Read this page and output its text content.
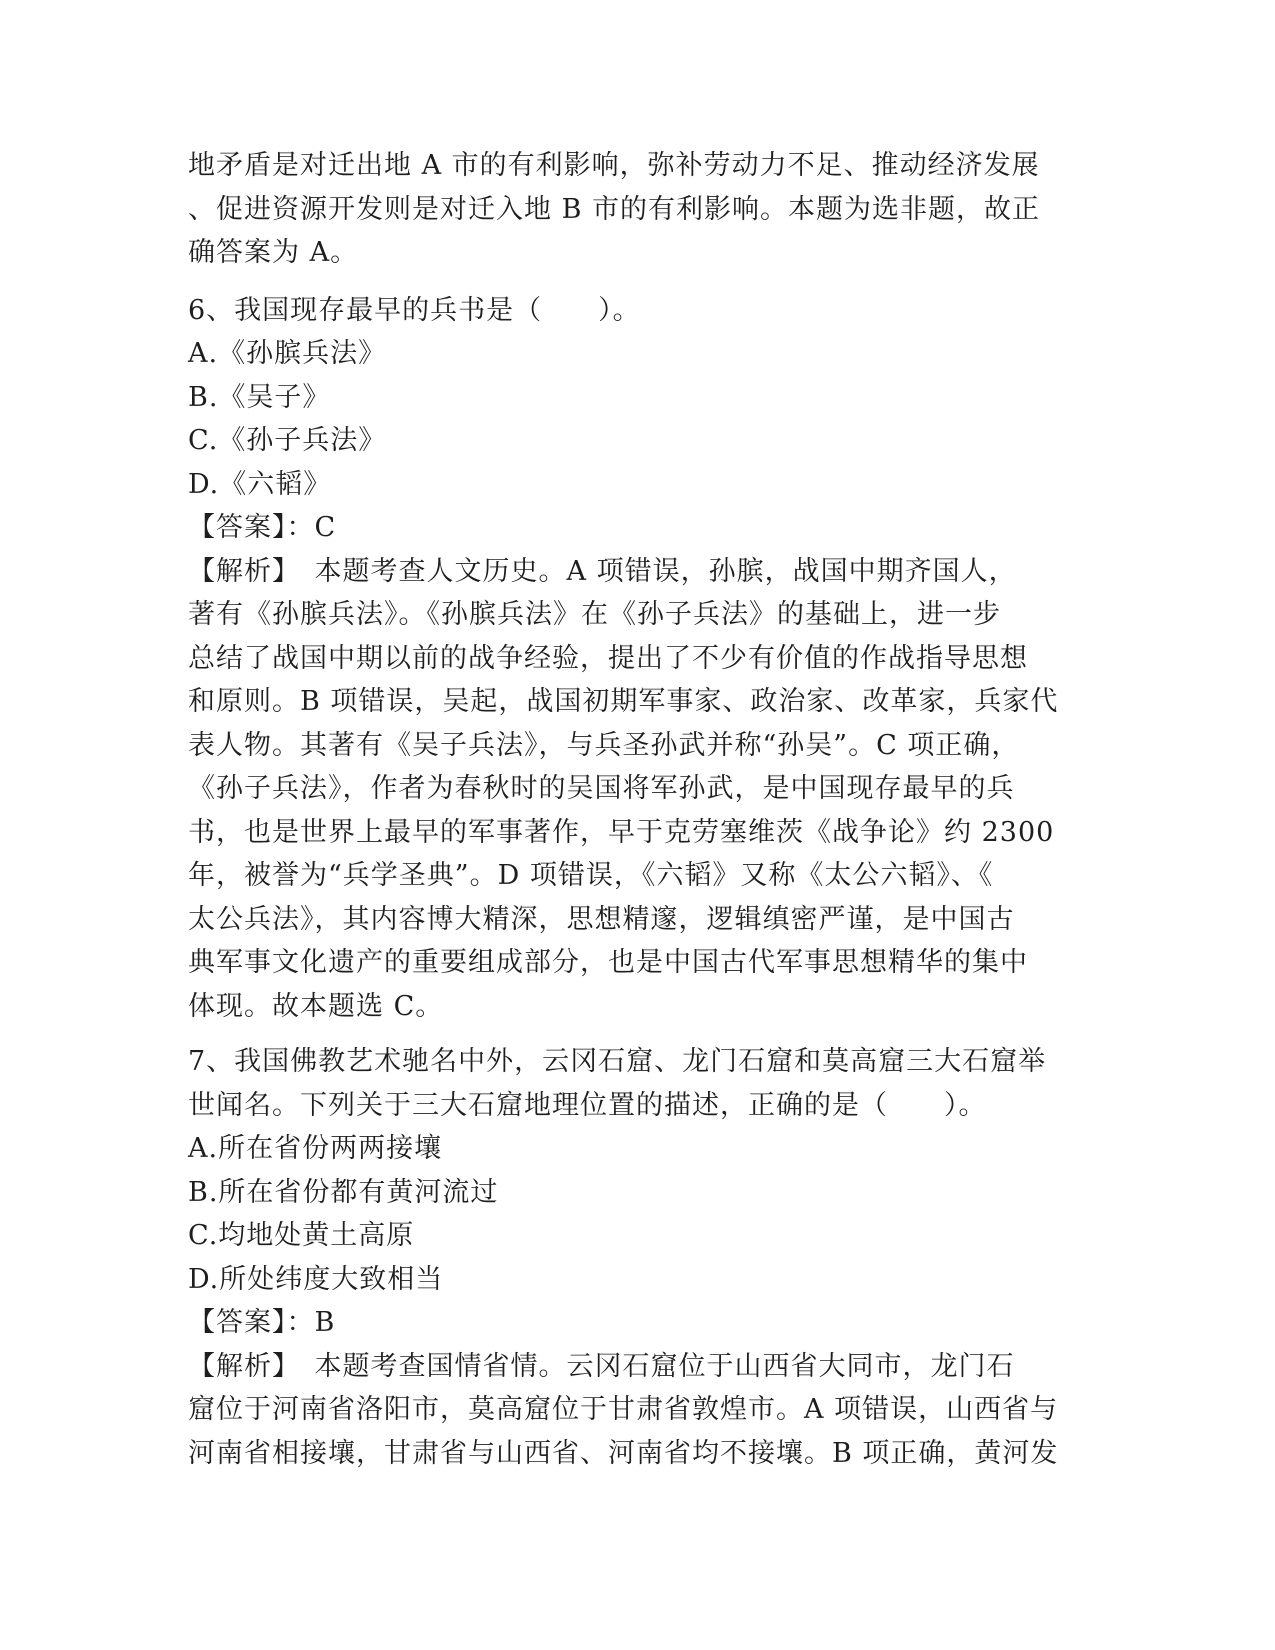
地矛盾是对迁出地 A 市的有利影响，弥补劳动力不足、推动经济发展
、促进资源开发则是对迁入地 B 市的有利影响。本题为选非题，故正
确答案为 A。
6、我国现存最早的兵书是（　　）。
A.《孙膑兵法》
B.《吴子》
C.《孙子兵法》
D.《六韬》
【答案】：C
【解析】　本题考查人文历史。A 项错误，孙膑，战国中期齐国人，
著有《孙膑兵法》。《孙膑兵法》在《孙子兵法》的基础上，进一步
总结了战国中期以前的战争经验，提出了不少有价值的作战指导思想
和原则。B 项错误，吴起，战国初期军事家、政治家、改革家，兵家代
表人物。其著有《吴子兵法》，与兵圣孙武并称“孙吴”。C 项正确，
《孙子兵法》，作者为春秋时的吴国将军孙武，是中国现存最早的兵
书，也是世界上最早的军事著作，早于克劳塞维茨《战争论》约 2300
年，被誉为“兵学圣典”。D 项错误，《六韬》又称《太公六韬》、《
太公兵法》，其内容博大精深，思想精邃，逻辑缜密严谨，是中国古
典军事文化遗产的重要组成部分，也是中国古代军事思想精华的集中
体现。故本题选 C。
7、我国佛教艺术驰名中外，云冈石窟、龙门石窟和莫高窟三大石窟举
世闻名。下列关于三大石窟地理位置的描述，正确的是（　　）。
A.所在省份两两接壤
B.所在省份都有黄河流过
C.均地处黄土高原
D.所处纬度大致相当
【答案】：B
【解析】　本题考查国情省情。云冈石窟位于山西省大同市，龙门石
窟位于河南省洛阳市，莫高窟位于甘肃省敦煌市。A 项错误，山西省与
河南省相接壤，甘肃省与山西省、河南省均不接壤。B 项正确，黄河发
